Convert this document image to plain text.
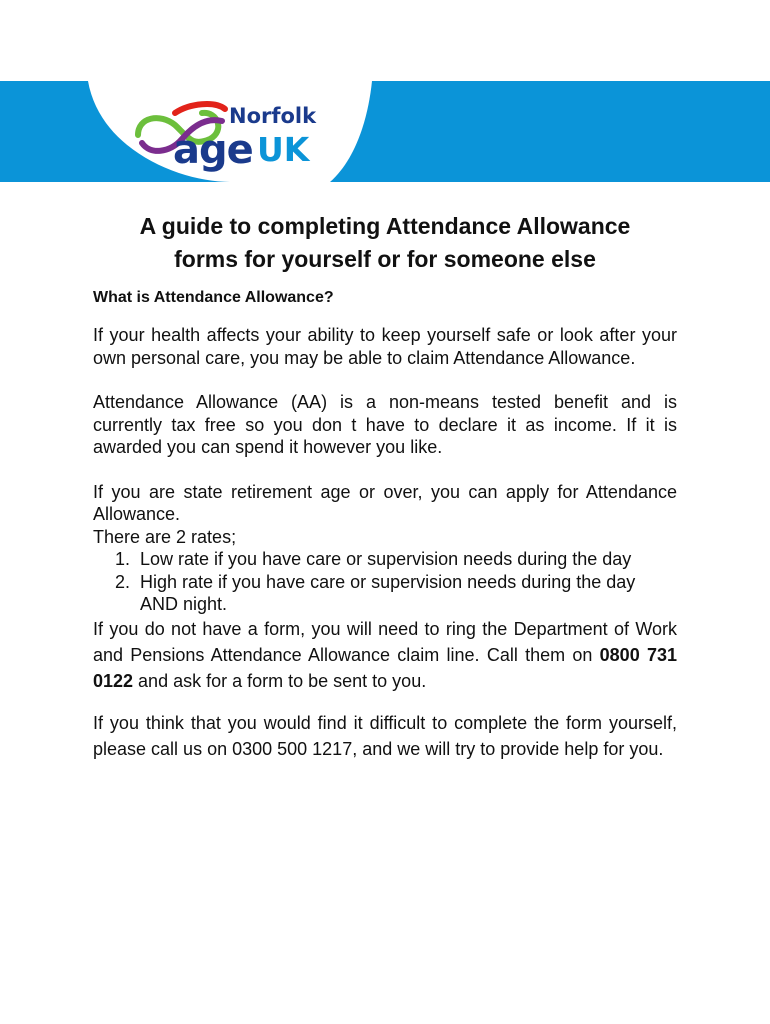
Norfolk
age UK
A guide to completing Attendance Allowance
forms for yourself or for someone else
What is Attendance Allowance?

If your health affects your ability to keep yourself safe or look after your own personal care, you may be able to claim Attendance Allowance.

Attendance Allowance (AA) is a non-means tested benefit and is currently tax free so you don t have to declare it as income. If it is awarded you can spend it however you like.

If you are state retirement age or over, you can apply for Attendance Allowance.

There are 2 rates;

1. Low rate if you have care or supervision needs during the day
2. High rate if you have care or supervision needs during the day AND night.

If you do not have a form, you will need to ring the Department of Work and Pensions Attendance Allowance claim line. Call them on 0800 731 0122 and ask for a form to be sent to you.

If you think that you would find it difficult to complete the form yourself, please call us on 0300 500 1217, and we will try to provide help for you.
